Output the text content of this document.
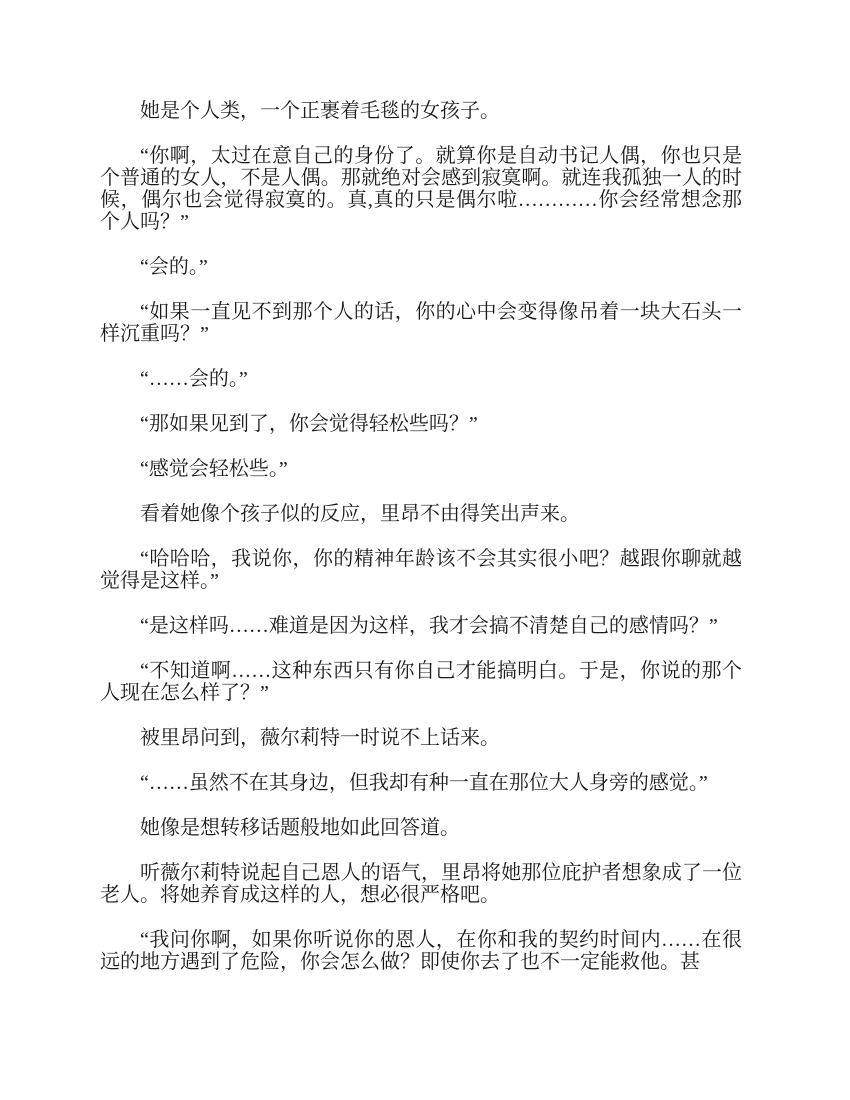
她是个人类，一个正裹着毛毯的女孩子。

“你啊，太过在意自己的身份了。就算你是自动书记人偶，你也只是个普通的女人，不是人偶。那就绝对会感到寂寞啊。就连我孤独一人的时候，偶尔也会觉得寂寞的。真,真的只是偶尔啦…………你会经常想念那个人吗？”

“会的。”

“如果一直见不到那个人的话，你的心中会变得像吊着一块大石头一样沉重吗？”

“……会的。”

“那如果见到了，你会觉得轻松些吗？”

“感觉会轻松些。”

看着她像个孩子似的反应，里昂不由得笑出声来。

“哈哈哈，我说你，你的精神年龄该不会其实很小吧？越跟你聊就越觉得是这样。”

“是这样吗……难道是因为这样，我才会搞不清楚自己的感情吗？”

“不知道啊……这种东西只有你自己才能搞明白。于是，你说的那个人现在怎么样了？”

被里昂问到，薇尔莉特一时说不上话来。

“……虽然不在其身边，但我却有种一直在那位大人身旁的感觉。”

她像是想转移话题般地如此回答道。

听薇尔莉特说起自己恩人的语气，里昂将她那位庇护者想象成了一位老人。将她养育成这样的人，想必很严格吧。

“我问你啊，如果你听说你的恩人，在你和我的契约时间内……在很远的地方遇到了危险，你会怎么做？即使你去了也不一定能救他。甚
